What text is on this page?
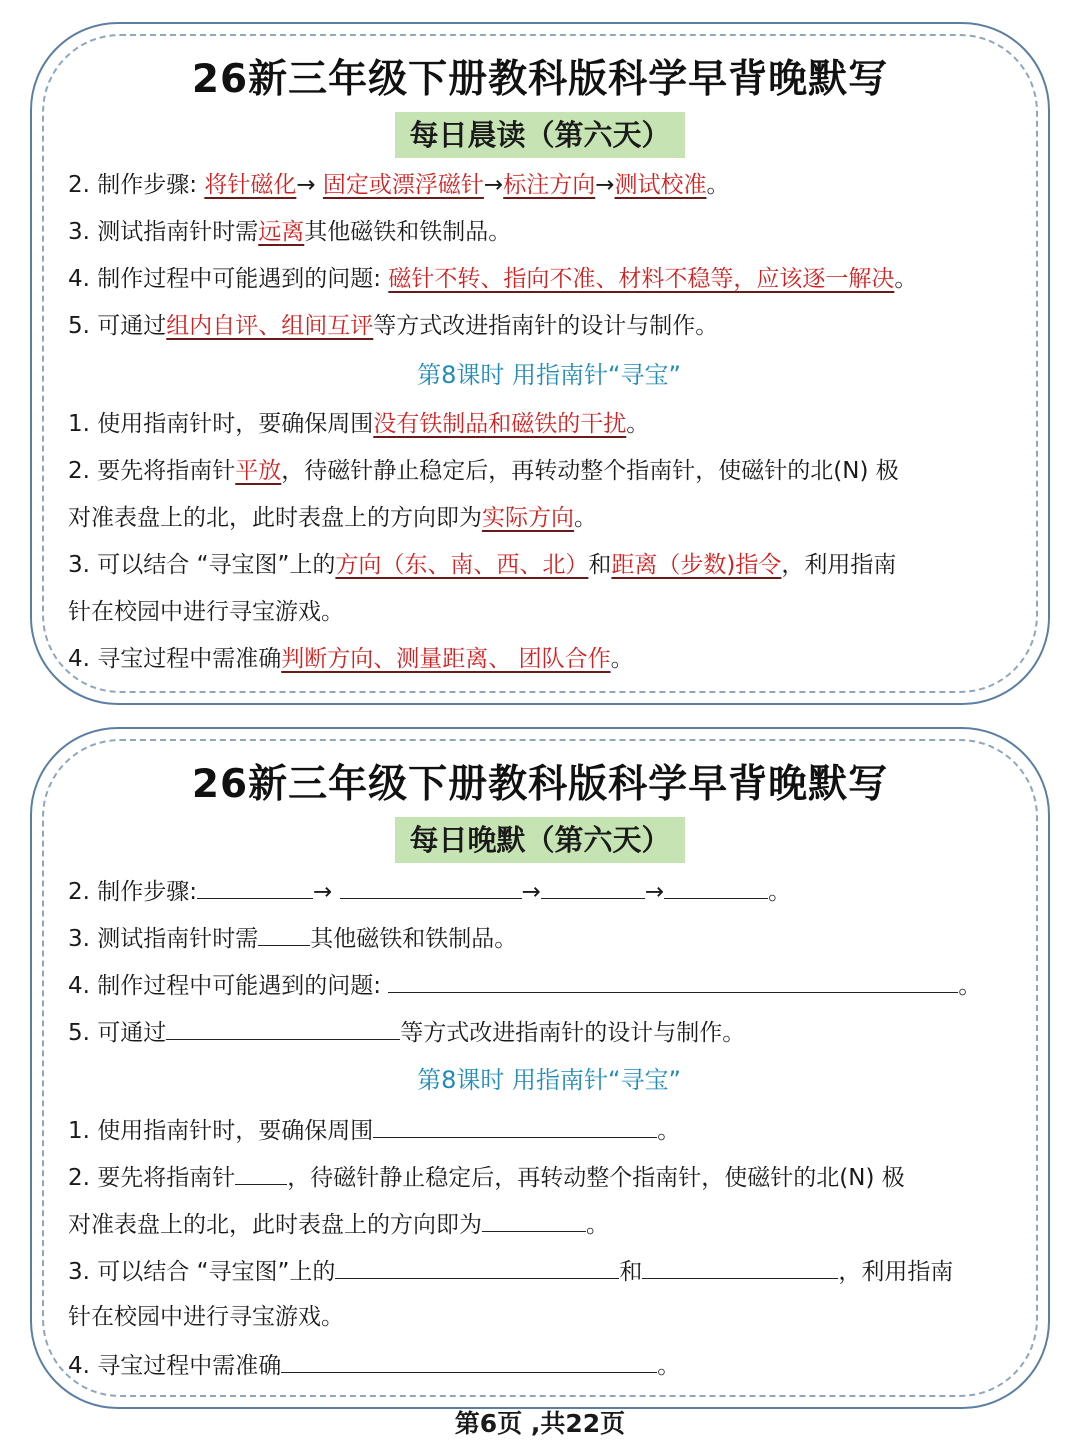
26新三年级下册教科版科学早背晚默写
每日晨读（第六天）
2. 制作步骤: 将针磁化→ 固定或漂浮磁针→标注方向→测试校准。
3. 测试指南针时需远离其他磁铁和铁制品。
4. 制作过程中可能遇到的问题: 磁针不转、指向不准、材料不稳等，应该逐一解决。
5. 可通过组内自评、组间互评等方式改进指南针的设计与制作。
第8课时 用指南针“寻宝”
1. 使用指南针时，要确保周围没有铁制品和磁铁的干扰。
2. 要先将指南针平放，待磁针静止稳定后，再转动整个指南针，使磁针的北(N) 极
对准表盘上的北，此时表盘上的方向即为实际方向。
3. 可以结合 “寻宝图”上的方向（东、南、西、北）和距离（步数)指令，利用指南
针在校园中进行寻宝游戏。
4. 寻宝过程中需准确判断方向、测量距离、 团队合作。
26新三年级下册教科版科学早背晚默写
每日晚默（第六天）
2. 制作步骤:	→	→	→	。
3. 测试指南针时需 其他磁铁和铁制品。
4. 制作过程中可能遇到的问题:	。
5. 可通过	等方式改进指南针的设计与制作。
第8课时 用指南针“寻宝”
1. 使用指南针时，要确保周围	。
2. 要先将指南针 ，待磁针静止稳定后，再转动整个指南针，使磁针的北(N) 极
对准表盘上的北，此时表盘上的方向即为	。
3. 可以结合 “寻宝图”上的	和	，利用指南
针在校园中进行寻宝游戏。
4. 寻宝过程中需准确	。
第6页 ,共22页
